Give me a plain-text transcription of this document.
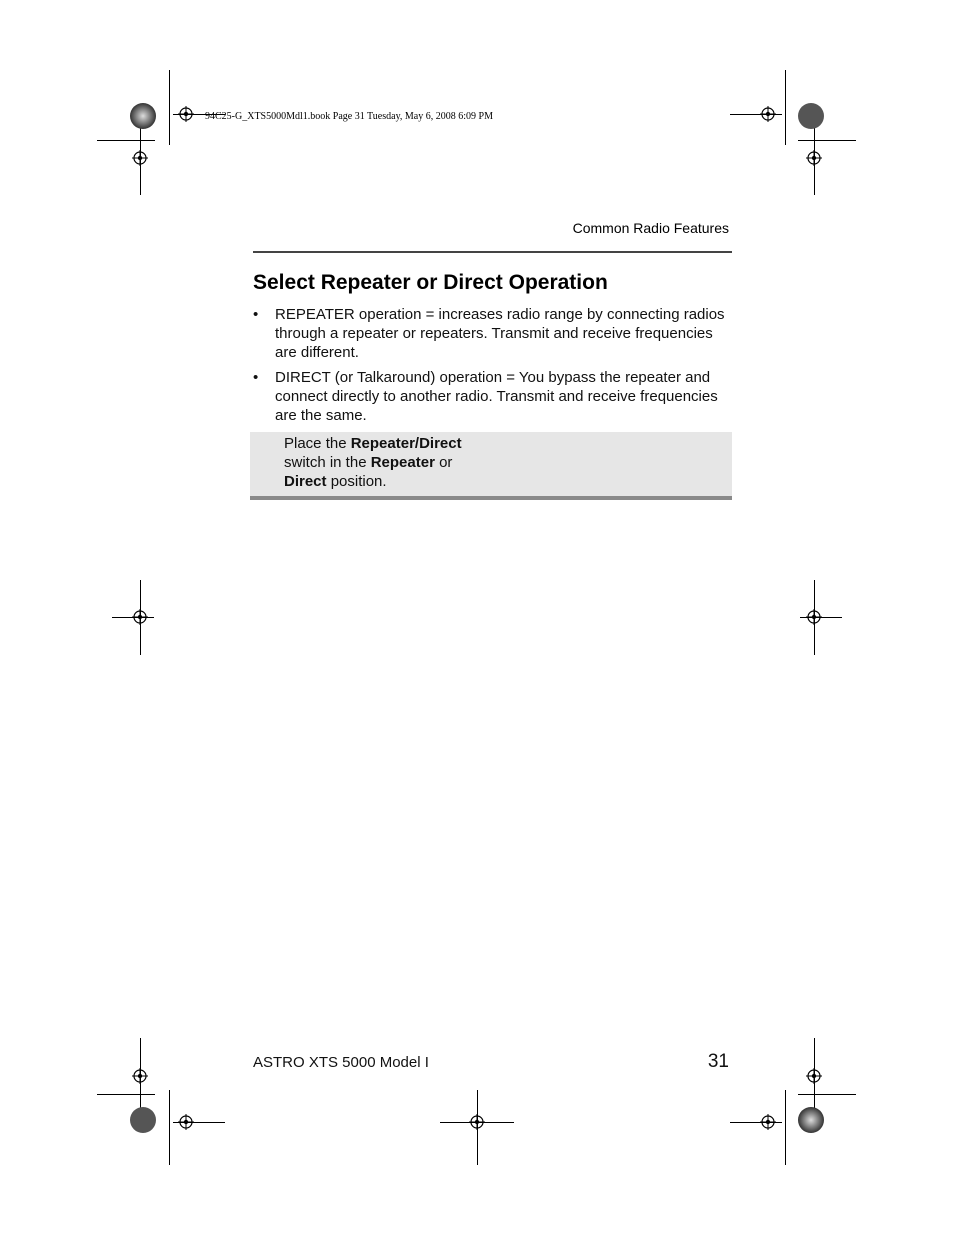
94C25-G_XTS5000Mdl1.book Page 31 Tuesday, May 6, 2008 6:09 PM
Common Radio Features
Select Repeater or Direct Operation
• REPEATER operation = increases radio range by connecting radios through a repeater or repeaters. Transmit and receive frequencies are different.
• DIRECT (or Talkaround) operation = You bypass the repeater and connect directly to another radio. Transmit and receive frequencies are the same.
Place the Repeater/Direct
switch in the Repeater or
Direct position.
ASTRO XTS 5000 Model I	31
